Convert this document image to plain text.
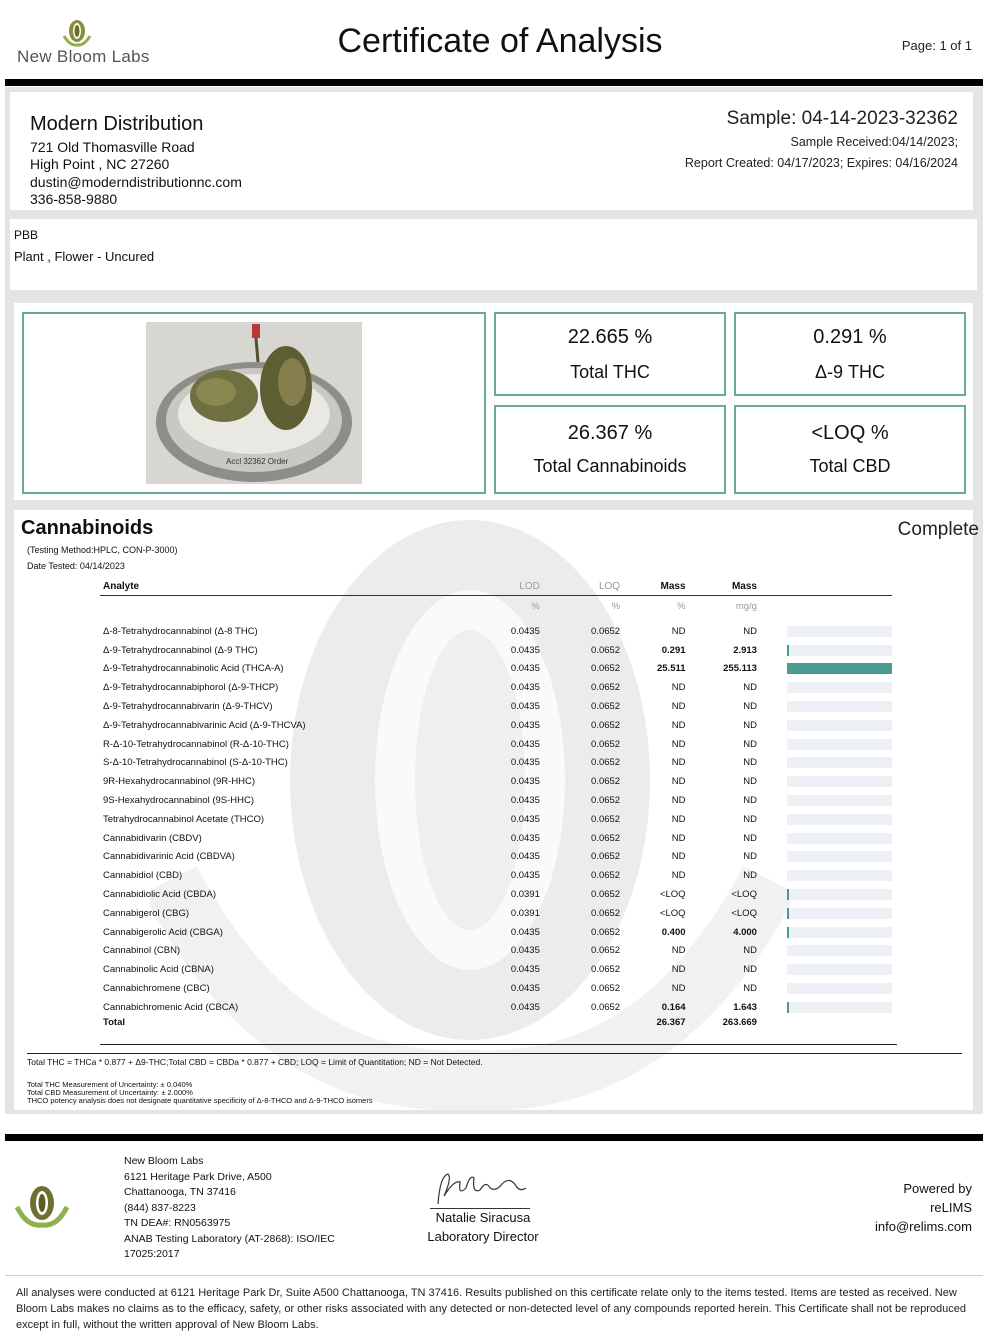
New Bloom Labs	Certificate of Analysis	Page: 1 of 1
Modern Distribution
721 Old Thomasville Road
High Point , NC 27260
dustin@moderndistributionnc.com
336-858-9880
Sample: 04-14-2023-32362
Sample Received:04/14/2023;
Report Created: 04/17/2023; Expires: 04/16/2024
PBB
Plant , Flower - Uncured
Accl 32362 Order
22.665 %
Total THC
0.291 %
Δ-9 THC
26.367 %
Total Cannabinoids
<LOQ %
Total CBD
Cannabinoids	Complete
(Testing Method:HPLC, CON-P-3000)
Date Tested: 04/14/2023
Analyte	LOD	LOQ	Mass	Mass	
	%	%	%	mg/g	

Δ-8-Tetrahydrocannabinol (Δ-8 THC)	0.0435	0.0652	ND	ND	

Δ-9-Tetrahydrocannabinol (Δ-9 THC)	0.0435	0.0652	0.291	2.913	

Δ-9-Tetrahydrocannabinolic Acid (THCA-A)	0.0435	0.0652	25.511	255.113	

Δ-9-Tetrahydrocannabiphorol (Δ-9-THCP)	0.0435	0.0652	ND	ND	

Δ-9-Tetrahydrocannabivarin (Δ-9-THCV)	0.0435	0.0652	ND	ND	

Δ-9-Tetrahydrocannabivarinic Acid (Δ-9-THCVA)	0.0435	0.0652	ND	ND	

R-Δ-10-Tetrahydrocannabinol (R-Δ-10-THC)	0.0435	0.0652	ND	ND	

S-Δ-10-Tetrahydrocannabinol (S-Δ-10-THC)	0.0435	0.0652	ND	ND	

9R-Hexahydrocannabinol (9R-HHC)	0.0435	0.0652	ND	ND	

9S-Hexahydrocannabinol (9S-HHC)	0.0435	0.0652	ND	ND	

Tetrahydrocannabinol Acetate (THCO)	0.0435	0.0652	ND	ND	

Cannabidivarin (CBDV)	0.0435	0.0652	ND	ND	

Cannabidivarinic Acid (CBDVA)	0.0435	0.0652	ND	ND	

Cannabidiol (CBD)	0.0435	0.0652	ND	ND	

Cannabidiolic Acid (CBDA)	0.0391	0.0652	<LOQ	<LOQ	

Cannabigerol (CBG)	0.0391	0.0652	<LOQ	<LOQ	

Cannabigerolic Acid (CBGA)	0.0435	0.0652	0.400	4.000	

Cannabinol (CBN)	0.0435	0.0652	ND	ND	

Cannabinolic Acid (CBNA)	0.0435	0.0652	ND	ND	

Cannabichromene (CBC)	0.0435	0.0652	ND	ND	

Cannabichromenic Acid (CBCA)	0.0435	0.0652	0.164	1.643	

Total			26.367	263.669	
Total THC = THCa * 0.877 + Δ9-THC;Total CBD = CBDa * 0.877 + CBD; LOQ = Limit of Quantitation; ND = Not Detected.
Total THC Measurement of Uncertainty: ± 0.040%
Total CBD Measurement of Uncertainty: ± 2.000%
THCO potency analysis does not designate quantitative specificity of Δ-8-THCO and Δ-9-THCO isomers
New Bloom Labs
6121 Heritage Park Drive, A500
Chattanooga, TN 37416
(844) 837-8223
TN DEA#: RN0563975
ANAB Testing Laboratory (AT-2868): ISO/IEC
17025:2017
Natalie Siracusa
Laboratory Director
Powered by
reLIMS
info@relims.com
All analyses were conducted at 6121 Heritage Park Dr, Suite A500 Chattanooga, TN 37416. Results published on this certificate relate only to the items tested. Items are tested as received. New Bloom Labs makes no claims as to the efficacy, safety, or other risks associated with any detected or non-detected level of any compounds reported herein. This Certificate shall not be reproduced except in full, without the written approval of New Bloom Labs.
